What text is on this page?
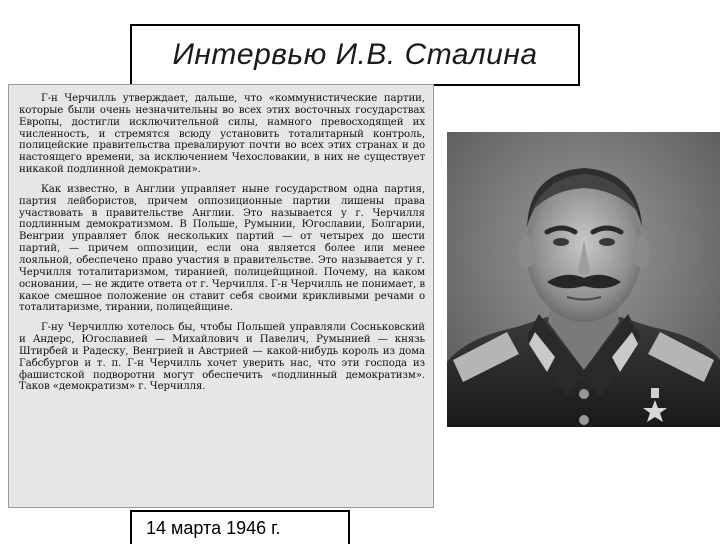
Интервью И.В. Сталина

Г-н Черчилль утверждает, дальше, что «коммунистические партии, которые были очень незначительны во всех этих восточных государствах Европы, достигли исключительной силы, намного превосходящей их численность, и стремятся всюду установить тоталитарный контроль, полицейские правительства превалируют почти во всех этих странах и до настоящего времени, за исключением Чехословакии, в них не существует никакой подлинной демократии».

Как известно, в Англии управляет ныне государством одна партия, партия лейбористов, причем оппозиционные партии лишены права участвовать в правительстве Англии. Это называется у г. Черчилля подлинным демократизмом. В Польше, Румынии, Югославии, Болгарии, Венгрии управляет блок нескольких партий — от четырех до шести партий, — причем оппозиции, если она является более или менее лояльной, обеспечено право участия в правительстве. Это называется у г. Черчилля тоталитаризмом, тиранией, полицейщиной. Почему, на каком основании, — не ждите ответа от г. Черчилля. Г-н Черчилль не понимает, в какое смешное положение он ставит себя своими крикливыми речами о тоталитаризме, тирании, полицейщине.

Г-ну Черчиллю хотелось бы, чтобы Польшей управляли Сосньковский и Андерс, Югославией — Михайлович и Павелич, Румынией — князь Штирбей и Радеску, Венгрией и Австрией — какой-нибудь король из дома Габсбургов и т. п. Г-н Черчилль хочет уверить нас, что эти господа из фашистской подворотни могут обеспечить «подлинный демократизм». Таков «демократизм» г. Черчилля.

14 марта 1946 г.
